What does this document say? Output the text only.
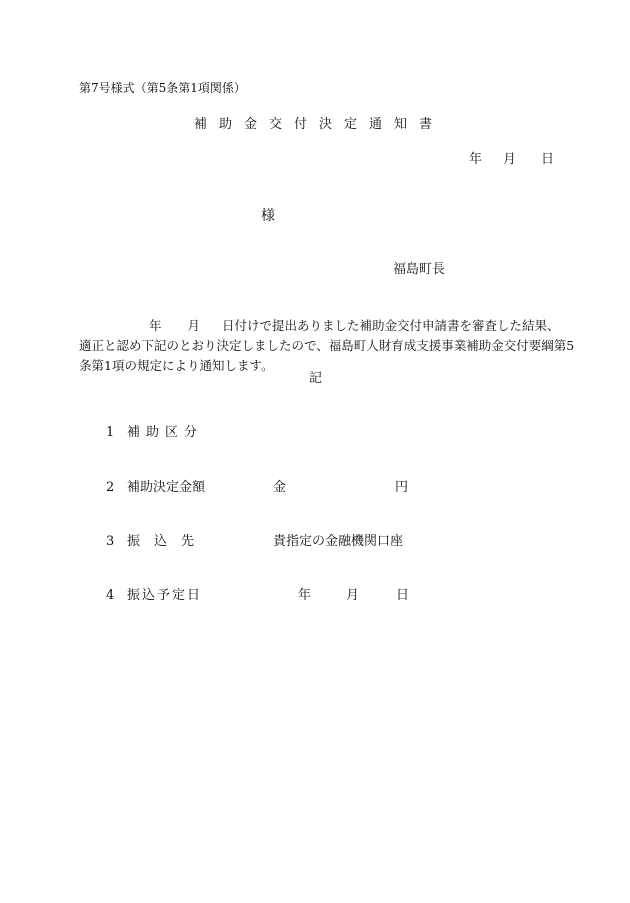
第7号様式（第5条第1項関係）
補助金交付決定通知書
年 月 日
様
福島町長
年 月 日付けで提出ありました補助金交付申請書を審査した結果、
適正と認め下記のとおり決定しましたので、福島町人財育成支援事業補助金交付要綱第5
条第1項の規定により通知します。
記
1 補助区分
2 補助決定金額	金	円
3 振込先	貴指定の金融機関口座
4 振込予定日	年	月	日
